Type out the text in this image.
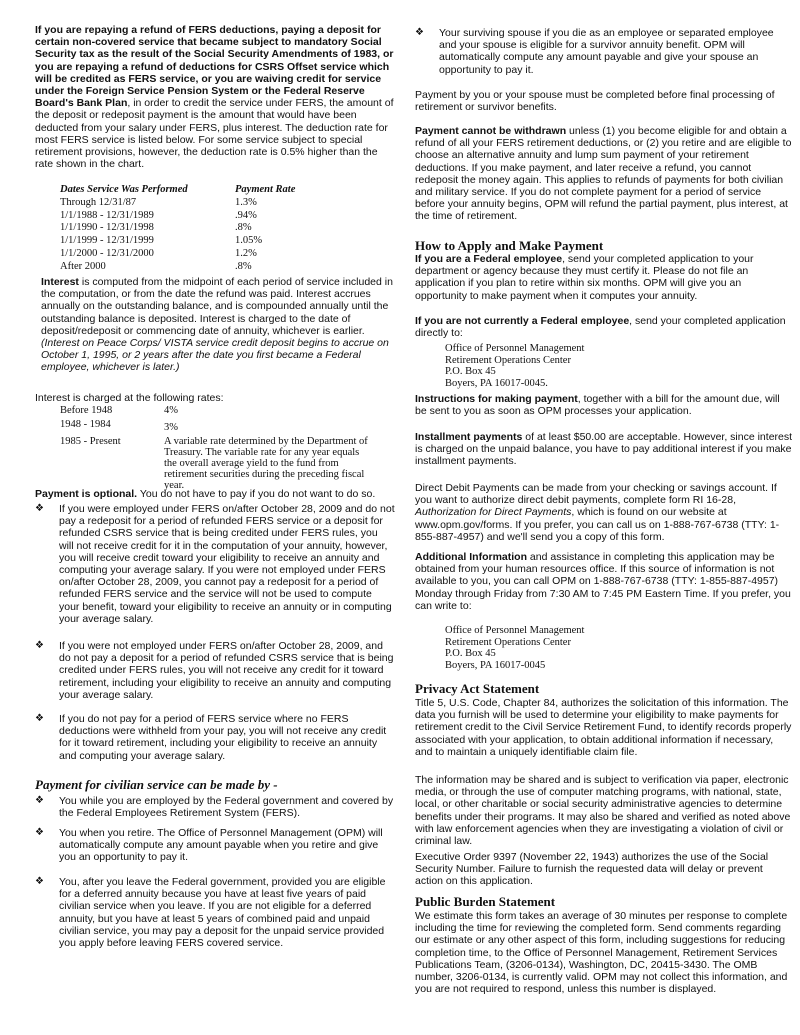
If you are repaying a refund of FERS deductions, paying a deposit for certain non-covered service that became subject to mandatory Social Security tax as the result of the Social Security Amendments of 1983, or you are repaying a refund of deductions for CSRS Offset service which will be credited as FERS service, or you are waiving credit for service under the Foreign Service Pension System or the Federal Reserve Board's Bank Plan, in order to credit the service under FERS, the amount of the deposit or redeposit payment is the amount that would have been deducted from your salary under FERS, plus interest. The deduction rate for most FERS service is listed below. For some service subject to special retirement provisions, however, the deduction rate is 0.5% higher than the rate shown in the chart.

Dates Service Was Performed	Payment Rate
Through 12/31/87	1.3%
1/1/1988 - 12/31/1989	.94%
1/1/1990 - 12/31/1998	.8%
1/1/1999 - 12/31/1999	1.05%
1/1/2000 - 12/31/2000	1.2%
After 2000	.8%

Interest is computed from the midpoint of each period of service included in the computation, or from the date the refund was paid. Interest accrues annually on the outstanding balance, and is compounded annually until the outstanding balance is deposited. Interest is charged to the date of deposit/redeposit or commencing date of annuity, whichever is earlier. (Interest on Peace Corps/ VISTA service credit deposit begins to accrue on October 1, 1995, or 2 years after the date you first became a Federal employee, whichever is later.)

Interest is charged at the following rates:

Before 1948	4%
1948 - 1984	3%
1985 - Present	A variable rate determined by the Department of Treasury. The variable rate for any year equals the overall average yield to the fund from retirement securities during the preceding fiscal year.

Payment is optional. You do not have to pay if you do not want to do so.

❖	If you were employed under FERS on/after October 28, 2009 and do not pay a redeposit for a period of refunded FERS service or a deposit for refunded CSRS service that is being credited under FERS rules, you will not receive credit for it in the computation of your annuity, however, you will receive credit toward your eligibility to receive an annuity and computing your average salary. If you were not employed under FERS on/after October 28, 2009, you cannot pay a redeposit for a period of refunded FERS service and the service will not be used to compute your benefit, toward your eligibility to receive an annuity or in computing your average salary.
❖	If you were not employed under FERS on/after October 28, 2009, and do not pay a deposit for a period of refunded CSRS service that is being credited under FERS rules, you will not receive any credit for it toward retirement, including your eligibility to receive an annuity and computing your average salary.
❖	If you do not pay for a period of FERS service where no FERS deductions were withheld from your pay, you will not receive any credit for it toward retirement, including your eligibility to receive an annuity and computing your average salary.
Payment for civilian service can be made by -
❖	You while you are employed by the Federal government and covered by the Federal Employees Retirement System (FERS).
❖	You when you retire. The Office of Personnel Management (OPM) will automatically compute any amount payable when you retire and give you an opportunity to pay it.
❖	You, after you leave the Federal government, provided you are eligible for a deferred annuity because you have at least five years of paid civilian service when you leave. If you are not eligible for a deferred annuity, but you have at least 5 years of combined paid and unpaid civilian service, you may pay a deposit for the unpaid service provided you apply before leaving FERS covered service.
❖	Your surviving spouse if you die as an employee or separated employee and your spouse is eligible for a survivor annuity benefit. OPM will automatically compute any amount payable and give your spouse an opportunity to pay it.

Payment by you or your spouse must be completed before final processing of retirement or survivor benefits.

Payment cannot be withdrawn unless (1) you become eligible for and obtain a refund of all your FERS retirement deductions, or (2) you retire and are eligible to choose an alternative annuity and lump sum payment of your retirement deductions. If you make payment, and later receive a refund, you cannot redeposit the money again. This applies to refunds of payments for both civilian and military service. If you do not complete payment for a period of service before your annuity begins, OPM will refund the partial payment, plus interest, at the time of retirement.

How to Apply and Make Payment

If you are a Federal employee, send your completed application to your department or agency because they must certify it. Please do not file an application if you plan to retire within six months. OPM will give you an opportunity to make payment when it computes your annuity.

If you are not currently a Federal employee, send your completed application directly to:

Office of Personnel Management
Retirement Operations Center
P.O. Box 45
Boyers, PA 16017-0045.

Instructions for making payment, together with a bill for the amount due, will be sent to you as soon as OPM processes your application.

Installment payments of at least $50.00 are acceptable. However, since interest is charged on the unpaid balance, you have to pay additional interest if you make installment payments.

Direct Debit Payments can be made from your checking or savings account. If you want to authorize direct debit payments, complete form RI 16-28, Authorization for Direct Payments, which is found on our website at www.opm.gov/forms. If you prefer, you can call us on 1-888-767-6738 (TTY: 1-855-887-4957) and we'll send you a copy of this form.

Additional Information and assistance in completing this application may be obtained from your human resources office. If this source of information is not available to you, you can call OPM on 1-888-767-6738 (TTY: 1-855-887-4957) Monday through Friday from 7:30 AM to 7:45 PM Eastern Time. If you prefer, you can write to:

Office of Personnel Management
Retirement Operations Center
P.O. Box 45
Boyers, PA 16017-0045
Privacy Act Statement

Title 5, U.S. Code, Chapter 84, authorizes the solicitation of this information. The data you furnish will be used to determine your eligibility to make payments for retirement credit to the Civil Service Retirement Fund, to identify records properly associated with your application, to obtain additional information if necessary, and to maintain a uniquely identifiable claim file.

The information may be shared and is subject to verification via paper, electronic media, or through the use of computer matching programs, with national, state, local, or other charitable or social security administrative agencies to determine benefits under their programs. It may also be shared and verified as noted above with law enforcement agencies when they are investigating a violation of civil or criminal law.

Executive Order 9397 (November 22, 1943) authorizes the use of the Social Security Number. Failure to furnish the requested data will delay or prevent action on this application.

Public Burden Statement

We estimate this form takes an average of 30 minutes per response to complete including the time for reviewing the completed form. Send comments regarding our estimate or any other aspect of this form, including suggestions for reducing completion time, to the Office of Personnel Management, Retirement Services Publications Team, (3206-0134), Washington, DC, 20415-3430. The OMB number, 3206-0134, is currently valid. OPM may not collect this information, and you are not required to respond, unless this number is displayed.
